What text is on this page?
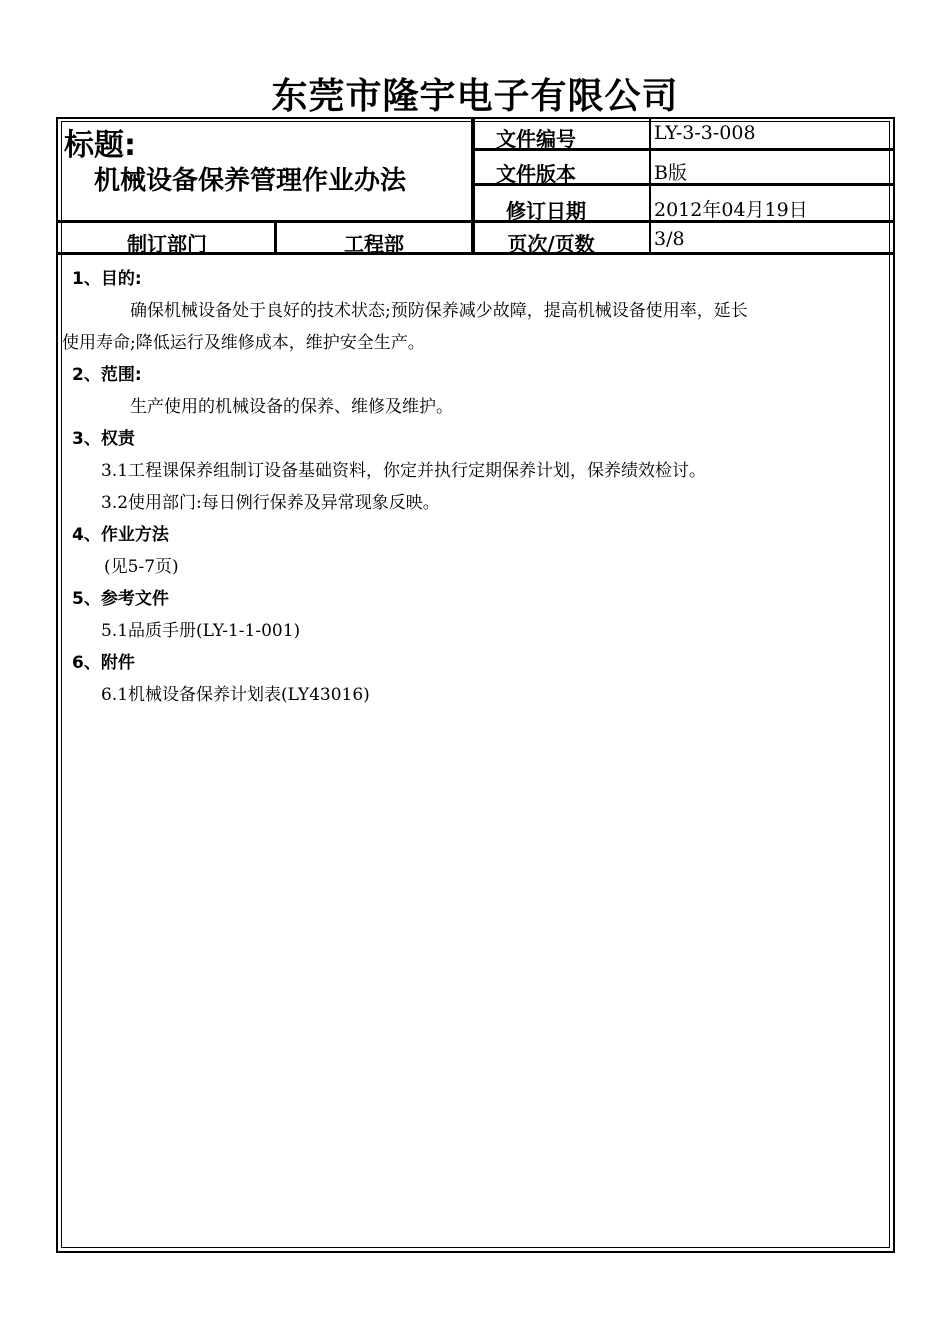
东莞市隆宇电子有限公司
标题:
机械设备保养管理作业办法
文件编号	LY-3-3-008
文件版本	B版
修订日期	2012年04月19日
制订部门	工程部	页次/页数	3/8
1、目的:
确保机械设备处于良好的技术状态;预防保养减少故障，提高机械设备使用率，延长
使用寿命;降低运行及维修成本，维护安全生产。
2、范围:
生产使用的机械设备的保养、维修及维护。
3、权责
3.1工程课保养组制订设备基础资料，你定并执行定期保养计划，保养绩效检讨。
3.2使用部门:每日例行保养及异常现象反映。
4、作业方法
(见5-7页)
5、参考文件
5.1品质手册(LY-1-1-001)
6、附件
6.1机械设备保养计划表(LY43016)
